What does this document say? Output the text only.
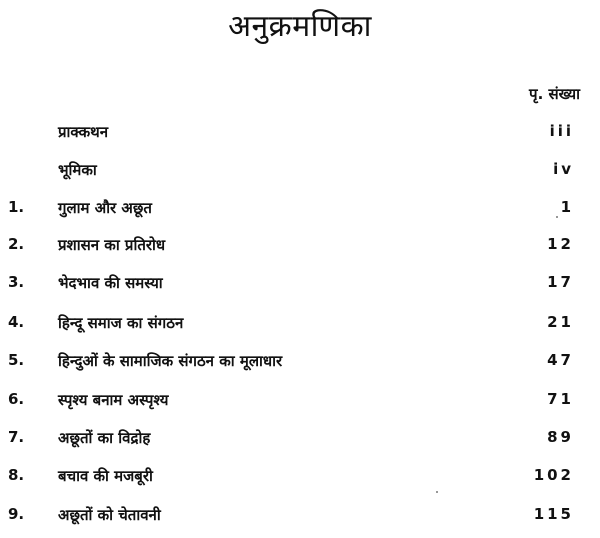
अनुक्रमणिका
पृ. संख्या
प्राक्कथन	iii
भूमिका	iv
1.	गुलाम और अछूत	1
2.	प्रशासन का प्रतिरोध	12
3.	भेदभाव की समस्या	17
4.	हिन्दू समाज का संगठन	21
5.	हिन्दुओं के सामाजिक संगठन का मूलाधार	47
6.	स्पृश्य बनाम अस्पृश्य	71
7.	अछूतों का विद्रोह	89
8.	बचाव की मजबूरी	102
9.	अछूतों को चेतावनी	115
